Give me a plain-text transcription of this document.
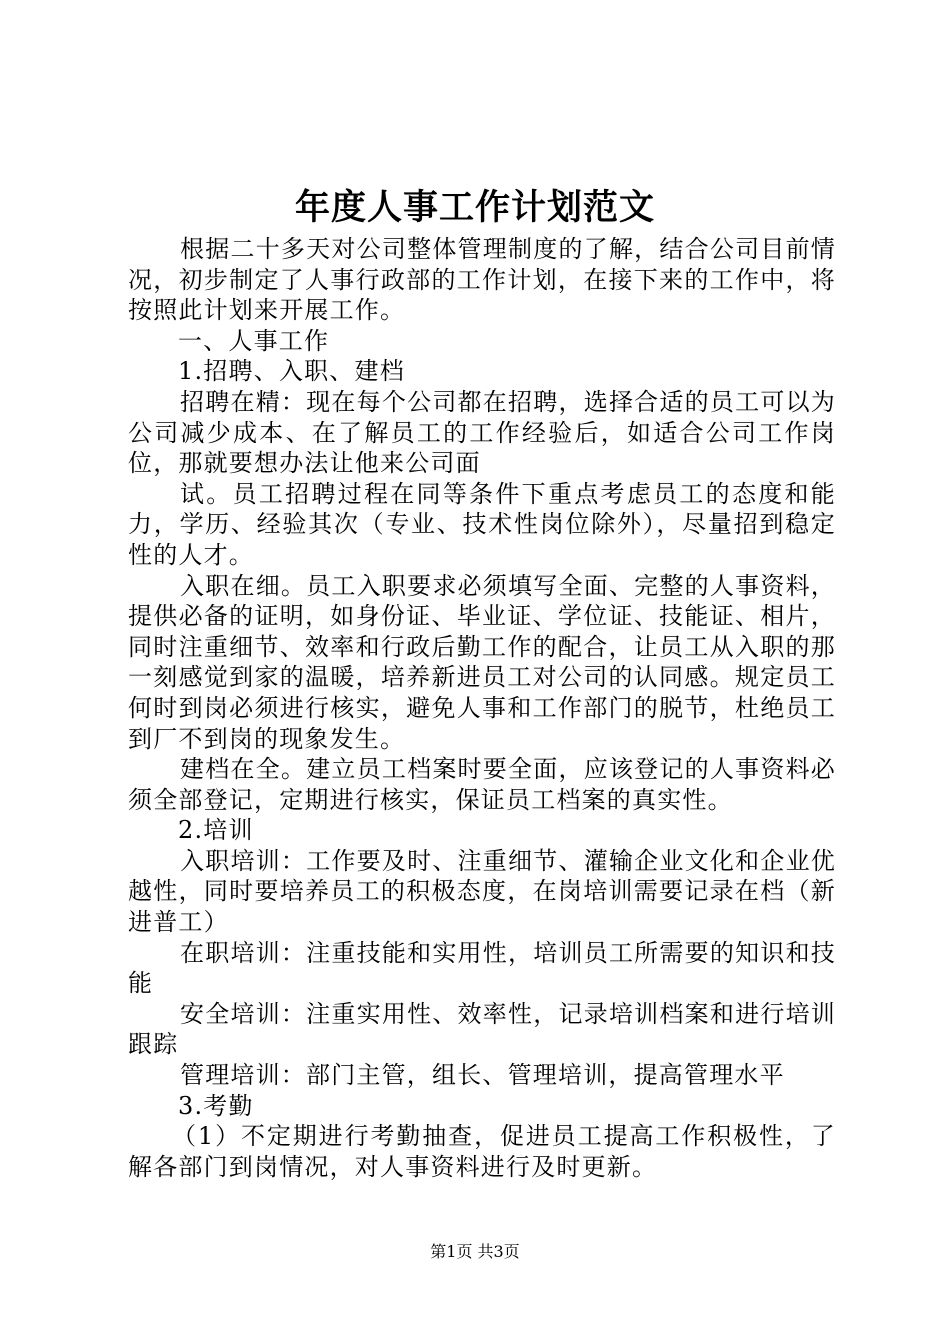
年度人事工作计划范文

根据二十多天对公司整体管理制度的了解，结合公司目前情况，初步制定了人事行政部的工作计划，在接下来的工作中，将按照此计划来开展工作。

一、人事工作

1.招聘、入职、建档

招聘在精：现在每个公司都在招聘，选择合适的员工可以为公司减少成本、在了解员工的工作经验后，如适合公司工作岗位，那就要想办法让他来公司面

试。员工招聘过程在同等条件下重点考虑员工的态度和能力，学历、经验其次（专业、技术性岗位除外），尽量招到稳定性的人才。

入职在细。员工入职要求必须填写全面、完整的人事资料，提供必备的证明，如身份证、毕业证、学位证、技能证、相片，同时注重细节、效率和行政后勤工作的配合，让员工从入职的那一刻感觉到家的温暖，培养新进员工对公司的认同感。规定员工何时到岗必须进行核实，避免人事和工作部门的脱节，杜绝员工到厂不到岗的现象发生。

建档在全。建立员工档案时要全面，应该登记的人事资料必须全部登记，定期进行核实，保证员工档案的真实性。

2.培训

入职培训：工作要及时、注重细节、灌输企业文化和企业优越性，同时要培养员工的积极态度，在岗培训需要记录在档（新进普工）

在职培训：注重技能和实用性，培训员工所需要的知识和技能

安全培训：注重实用性、效率性，记录培训档案和进行培训跟踪

管理培训：部门主管，组长、管理培训，提高管理水平

3.考勤

（1）不定期进行考勤抽查，促进员工提高工作积极性，了解各部门到岗情况，对人事资料进行及时更新。

第1页 共3页
